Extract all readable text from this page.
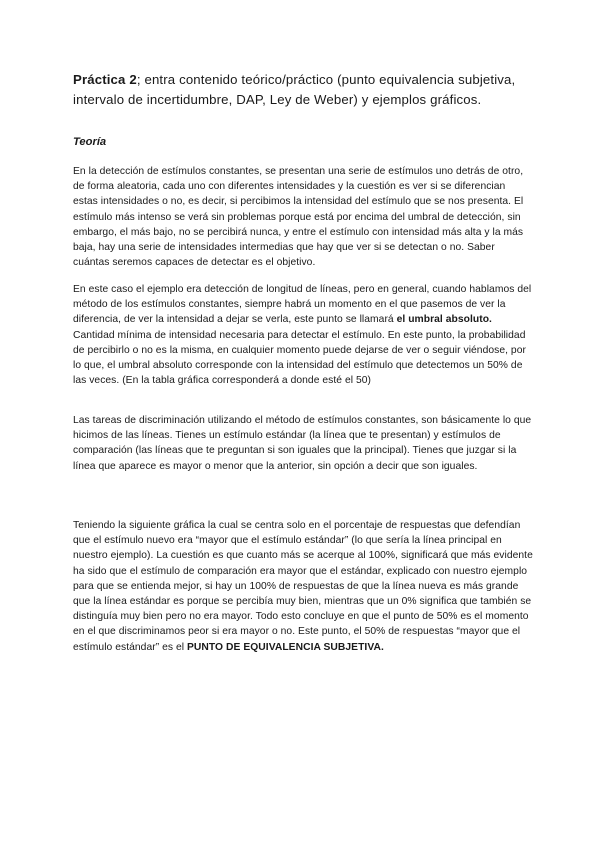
Práctica 2; entra contenido teórico/práctico (punto equivalencia subjetiva, intervalo de incertidumbre, DAP, Ley de Weber) y ejemplos gráficos.
Teoría

En la detección de estímulos constantes, se presentan una serie de estímulos uno detrás de otro, de forma aleatoria, cada uno con diferentes intensidades y la cuestión es ver si se diferencian estas intensidades o no, es decir, si percibimos la intensidad del estímulo que se nos presenta. El estímulo más intenso se verá sin problemas porque está por encima del umbral de detección, sin embargo, el más bajo, no se percibirá nunca, y entre el estímulo con intensidad más alta y la más baja, hay una serie de intensidades intermedias que hay que ver si se detectan o no. Saber cuántas seremos capaces de detectar es el objetivo.

En este caso el ejemplo era detección de longitud de líneas, pero en general, cuando hablamos del método de los estímulos constantes, siempre habrá un momento en el que pasemos de ver la diferencia, de ver la intensidad a dejar se verla, este punto se llamará el umbral absoluto. Cantidad mínima de intensidad necesaria para detectar el estímulo. En este punto, la probabilidad de percibirlo o no es la misma, en cualquier momento puede dejarse de ver o seguir viéndose, por lo que, el umbral absoluto corresponde con la intensidad del estímulo que detectemos un 50% de las veces. (En la tabla gráfica corresponderá a donde esté el 50)

Las tareas de discriminación utilizando el método de estímulos constantes, son básicamente lo que hicimos de las líneas. Tienes un estímulo estándar (la línea que te presentan) y estímulos de comparación (las líneas que te preguntan si son iguales que la principal). Tienes que juzgar si la línea que aparece es mayor o menor que la anterior, sin opción a decir que son iguales.

Teniendo la siguiente gráfica la cual se centra solo en el porcentaje de respuestas que defendían que el estímulo nuevo era “mayor que el estímulo estándar” (lo que sería la línea principal en nuestro ejemplo). La cuestión es que cuanto más se acerque al 100%, significará que más evidente ha sido que el estímulo de comparación era mayor que el estándar, explicado con nuestro ejemplo para que se entienda mejor, si hay un 100% de respuestas de que la línea nueva es más grande que la línea estándar es porque se percibía muy bien, mientras que un 0% significa que también se distinguía muy bien pero no era mayor. Todo esto concluye en que el punto de 50% es el momento en el que discriminamos peor si era mayor o no. Este punto, el 50% de respuestas “mayor que el estímulo estándar” es el PUNTO DE EQUIVALENCIA SUBJETIVA.
